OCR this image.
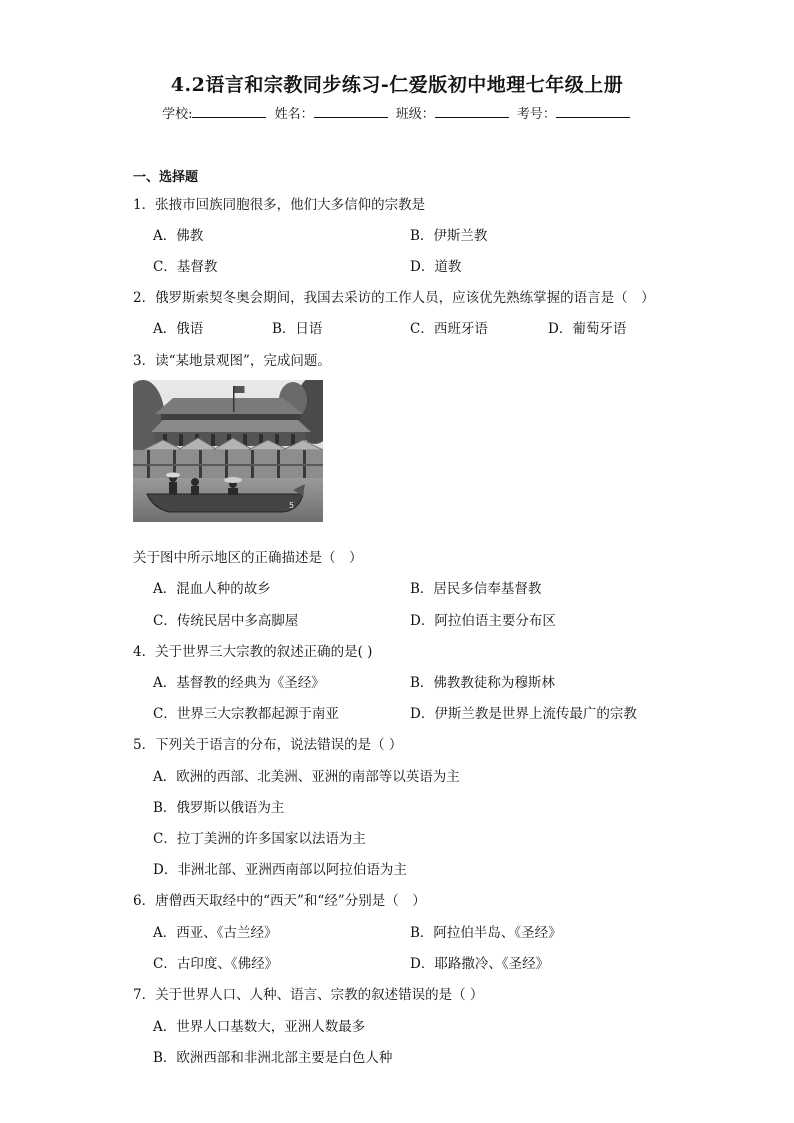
4.2语言和宗教同步练习-仁爱版初中地理七年级上册
学校:	姓名：	班级：	考号：
一、选择题
1．张掖市回族同胞很多，他们大多信仰的宗教是
A．佛教	B．伊斯兰教
C．基督教	D．道教
2．俄罗斯索契冬奥会期间，我国去采访的工作人员，应该优先熟练掌握的语言是（　）
A．俄语	B．日语	C．西班牙语	D．葡萄牙语
3．读“某地景观图”，完成问题。
5
关于图中所示地区的正确描述是（　）
A．混血人种的故乡	B．居民多信奉基督教
C．传统民居中多高脚屋	D．阿拉伯语主要分布区
4．关于世界三大宗教的叙述正确的是( )
A．基督教的经典为《圣经》	B．佛教教徒称为穆斯林
C．世界三大宗教都起源于南亚	D．伊斯兰教是世界上流传最广的宗教
5．下列关于语言的分布，说法错误的是（ ）
A．欧洲的西部、北美洲、亚洲的南部等以英语为主
B．俄罗斯以俄语为主
C．拉丁美洲的许多国家以法语为主
D．非洲北部、亚洲西南部以阿拉伯语为主
6．唐僧西天取经中的“西天”和“经”分别是（　）
A．西亚、《古兰经》	B．阿拉伯半岛、《圣经》
C．古印度、《佛经》	D．耶路撒冷、《圣经》
7．关于世界人口、人种、语言、宗教的叙述错误的是（ ）
A．世界人口基数大，亚洲人数最多
B．欧洲西部和非洲北部主要是白色人种
